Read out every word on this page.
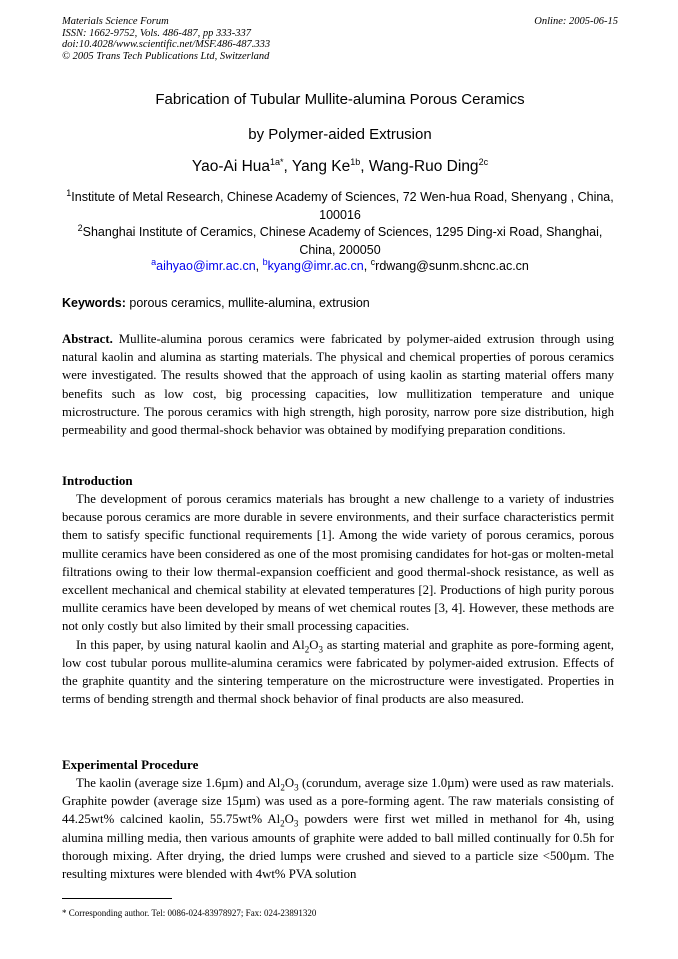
Materials Science Forum
ISSN: 1662-9752, Vols. 486-487, pp 333-337
doi:10.4028/www.scientific.net/MSF.486-487.333
© 2005 Trans Tech Publications Ltd, Switzerland
Online: 2005-06-15
Fabrication of Tubular Mullite-alumina Porous Ceramics
by Polymer-aided Extrusion
Yao-Ai Hua$^{1a*}$, Yang $Ke^{1b}$, Wang-Ruo Ding$^{2c}$
$^1$Institute of Metal Research, Chinese Academy of Sciences, 72 Wen-hua Road, Shenyang , China, 100016
$^2$Shanghai Institute of Ceramics, Chinese Academy of Sciences, 1295 Ding-xi Road, Shanghai, China, 200050
$^a$aihyao@imr.ac.cn, $^b$kyang@imr.ac.cn, $^c$rdwang@sunm.shcnc.ac.cn
Keywords: porous ceramics, mullite-alumina, extrusion

Abstract. Mullite-alumina porous ceramics were fabricated by polymer-aided extrusion through using natural kaolin and alumina as starting materials. The physical and chemical properties of porous ceramics were investigated. The results showed that the approach of using kaolin as starting material offers many benefits such as low cost, big processing capacities, low mullitization temperature and unique microstructure. The porous ceramics with high strength, high porosity, narrow pore size distribution, high permeability and good thermal-shock behavior was obtained by modifying preparation conditions.

Introduction

The development of porous ceramics materials has brought a new challenge to a variety of industries because porous ceramics are more durable in severe environments, and their surface characteristics permit them to satisfy specific functional requirements [1]. Among the wide variety of porous ceramics, porous mullite ceramics have been considered as one of the most promising candidates for hot-gas or molten-metal filtrations owing to their low thermal-expansion coefficient and good thermal-shock resistance, as well as excellent mechanical and chemical stability at elevated temperatures [2]. Productions of high purity porous mullite ceramics have been developed by means of wet chemical routes [3, 4]. However, these methods are not only costly but also limited by their small processing capacities.

In this paper, by using natural kaolin and $Al_2O_3$ as starting material and graphite as pore-forming agent, low cost tubular porous mullite-alumina ceramics were fabricated by polymer-aided extrusion. Effects of the graphite quantity and the sintering temperature on the microstructure were investigated. Properties in terms of bending strength and thermal shock behavior of final products are also measured.

Experimental Procedure

The kaolin (average size 1.6µm) and $Al_2O_3$ (corundum, average size 1.0µm) were used as raw materials. Graphite powder (average size 15µm) was used as a pore-forming agent. The raw materials consisting of 44.25wt% calcined kaolin, 55.75wt% $Al_2O_3$ powders were first wet milled in methanol for 4h, using alumina milling media, then various amounts of graphite were added to ball milled continually for 0.5h for thorough mixing. After drying, the dried lumps were crushed and sieved to a particle size <500µm. The resulting mixtures were blended with 4wt% PVA solution

* Corresponding author. Tel: 0086-024-83978927; Fax: 024-23891320
